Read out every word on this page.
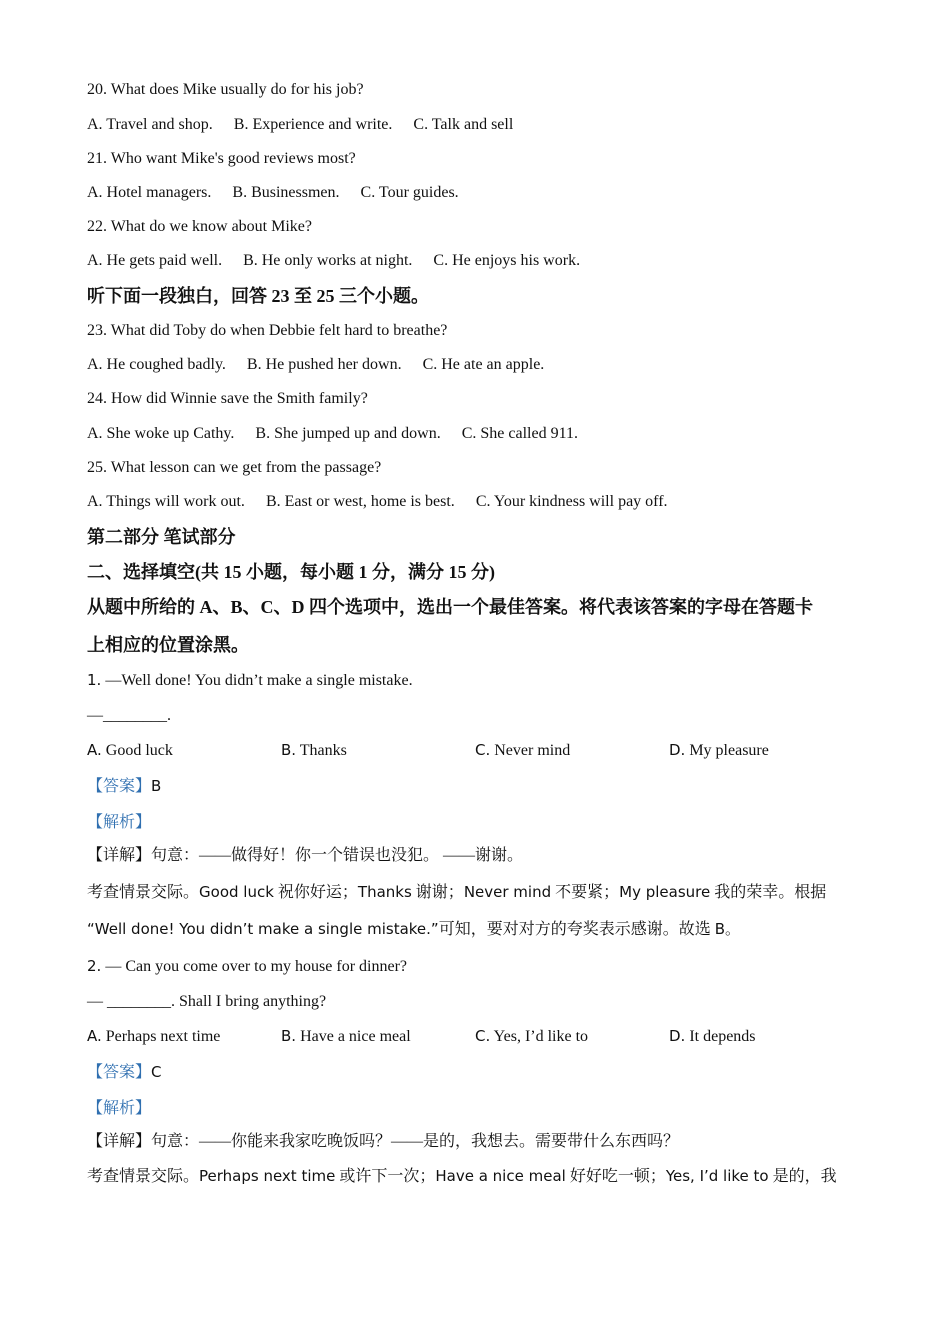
20. What does Mike usually do for his job?
A. Travel and shop. B. Experience and write. C. Talk and sell
21. Who want Mike's good reviews most?
A. Hotel managers. B. Businessmen. C. Tour guides.
22. What do we know about Mike?
A. He gets paid well. B. He only works at night. C. He enjoys his work.
听下面一段独白，回答 23 至 25 三个小题。
23. What did Toby do when Debbie felt hard to breathe?
A. He coughed badly. B. He pushed her down. C. He ate an apple.
24. How did Winnie save the Smith family?
A. She woke up Cathy. B. She jumped up and down. C. She called 911.
25. What lesson can we get from the passage?
A. Things will work out. B. East or west, home is best. C. Your kindness will pay off.
第二部分 笔试部分
二、选择填空(共 15 小题，每小题 1 分，满分 15 分)
从题中所给的 A、B、C、D 四个选项中，选出一个最佳答案。将代表该答案的字母在答题卡
上相应的位置涂黑。
1. —Well done! You didn’t make a single mistake.
—________.
A. Good luck	B. Thanks	C. Never mind	D. My pleasure
【答案】B
【解析】
【详解】句意：——做得好！你一个错误也没犯。 ——谢谢。
考查情景交际。Good luck 祝你好运；Thanks 谢谢；Never mind 不要紧；My pleasure 我的荣幸。根据
“Well done! You didn’t make a single mistake.”可知，要对对方的夸奖表示感谢。故选 B。
2. — Can you come over to my house for dinner?
— ________. Shall I bring anything?
A. Perhaps next time	B. Have a nice meal	C. Yes, I’d like to	D. It depends
【答案】C
【解析】
【详解】句意：——你能来我家吃晚饭吗？——是的，我想去。需要带什么东西吗？
考查情景交际。Perhaps next time 或许下一次；Have a nice meal 好好吃一顿；Yes, I’d like to 是的，我
